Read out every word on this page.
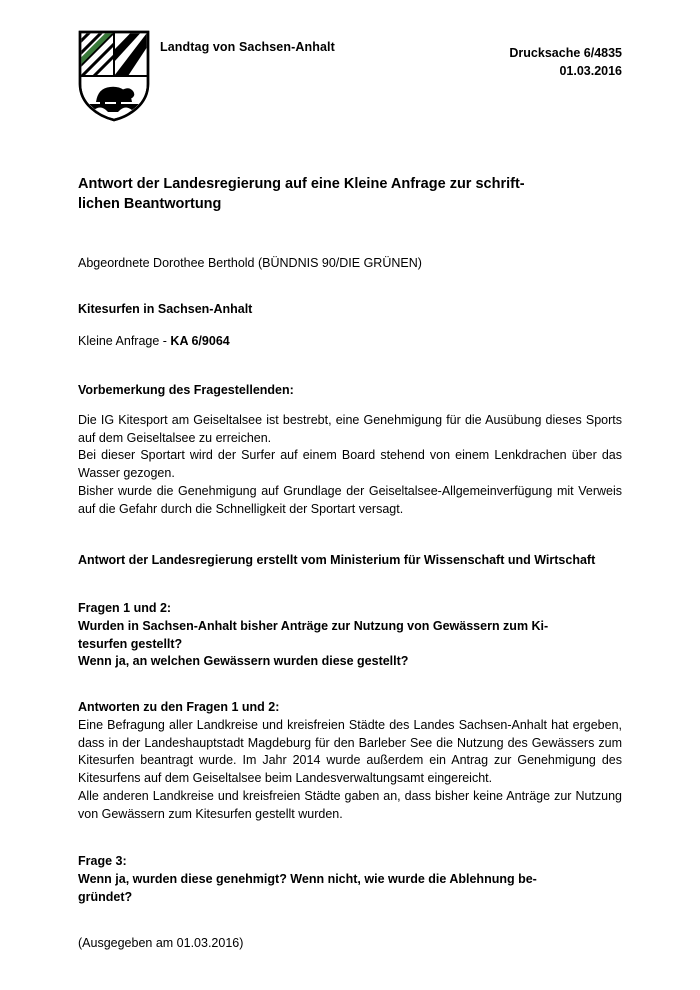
Landtag von Sachsen-Anhalt	Drucksache 6/4835
01.03.2016
Antwort der Landesregierung auf eine Kleine Anfrage zur schrift-
lichen Beantwortung
Abgeordnete Dorothee Berthold (BÜNDNIS 90/DIE GRÜNEN)
Kitesurfen in Sachsen-Anhalt
Kleine Anfrage - KA 6/9064
Vorbemerkung des Fragestellenden:
Die IG Kitesport am Geiseltalsee ist bestrebt, eine Genehmigung für die Ausübung dieses Sports auf dem Geiseltalsee zu erreichen.
Bei dieser Sportart wird der Surfer auf einem Board stehend von einem Lenkdrachen über das Wasser gezogen.
Bisher wurde die Genehmigung auf Grundlage der Geiseltalsee-Allgemeinverfügung mit Verweis auf die Gefahr durch die Schnelligkeit der Sportart versagt.
Antwort der Landesregierung erstellt vom Ministerium für Wissenschaft und Wirtschaft
Fragen 1 und 2:
Wurden in Sachsen-Anhalt bisher Anträge zur Nutzung von Gewässern zum Ki-
tesurfen gestellt?
Wenn ja, an welchen Gewässern wurden diese gestellt?
Antworten zu den Fragen 1 und 2:
Eine Befragung aller Landkreise und kreisfreien Städte des Landes Sachsen-Anhalt hat ergeben, dass in der Landeshauptstadt Magdeburg für den Barleber See die Nutzung des Gewässers zum Kitesurfen beantragt wurde. Im Jahr 2014 wurde außerdem ein Antrag zur Genehmigung des Kitesurfens auf dem Geiseltalsee beim Landesverwaltungsamt eingereicht.
Alle anderen Landkreise und kreisfreien Städte gaben an, dass bisher keine Anträge zur Nutzung von Gewässern zum Kitesurfen gestellt wurden.
Frage 3:
Wenn ja, wurden diese genehmigt? Wenn nicht, wie wurde die Ablehnung be-
gründet?
(Ausgegeben am 01.03.2016)
